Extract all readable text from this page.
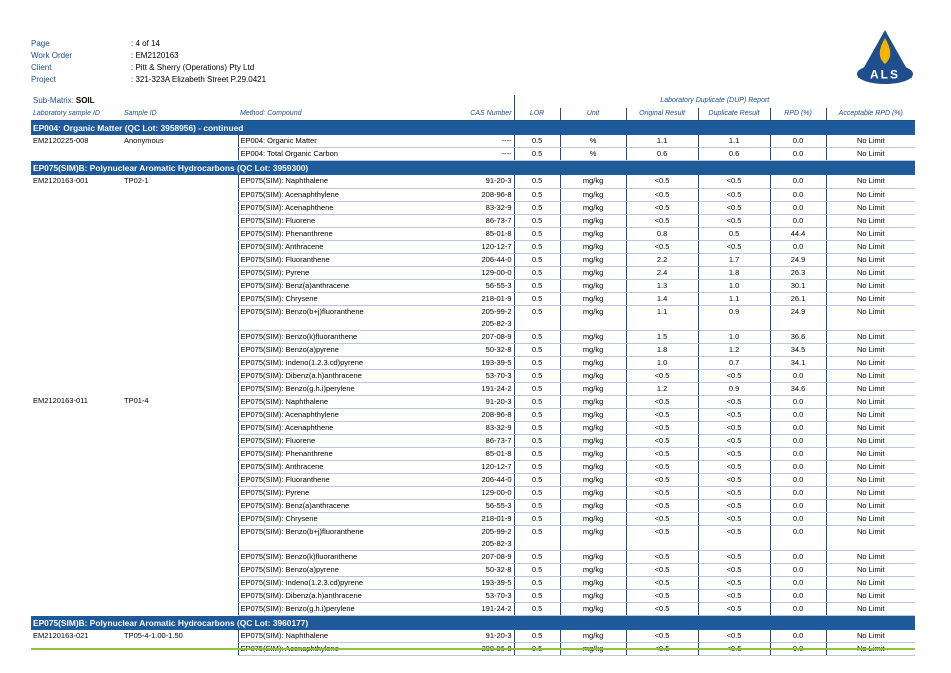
Page	: 4 of 14
Work Order	: EM2120163
Client	: Pitt & Sherry (Operations) Pty Ltd
Project	: 321-323A Elizabeth Street P.29.0421	ALS
Sub-Matrix: SOIL				Laboratory Duplicate (DUP) Report					
Laboratory sample ID	Sample ID	Method: Compound	CAS Number	LOR	Unit	Original Result	Duplicate Result	RPD (%)	Acceptable RPD (%)
EP004: Organic Matter (QC Lot: 3958956) - continued									
EM2120225-008	Anonymous	EP004: Organic Matter	----	0.5	%	1.1	1.1	0.0	No Limit
		EP004: Total Organic Carbon	----	0.5	%	0.6	0.6	0.0	No Limit
EP075(SIM)B: Polynuclear Aromatic Hydrocarbons (QC Lot: 3959300)									
EM2120163-001	TP02-1	EP075(SIM): Naphthalene	91-20-3	0.5	mg/kg	<0.5	<0.5	0.0	No Limit
		EP075(SIM): Acenaphthylene	208-96-8	0.5	mg/kg	<0.5	<0.5	0.0	No Limit
		EP075(SIM): Acenaphthene	83-32-9	0.5	mg/kg	<0.5	<0.5	0.0	No Limit
		EP075(SIM): Fluorene	86-73-7	0.5	mg/kg	<0.5	<0.5	0.0	No Limit
		EP075(SIM): Phenanthrene	85-01-8	0.5	mg/kg	0.8	0.5	44.4	No Limit
		EP075(SIM): Anthracene	120-12-7	0.5	mg/kg	<0.5	<0.5	0.0	No Limit
		EP075(SIM): Fluoranthene	206-44-0	0.5	mg/kg	2.2	1.7	24.9	No Limit
		EP075(SIM): Pyrene	129-00-0	0.5	mg/kg	2.4	1.8	26.3	No Limit
		EP075(SIM): Benz(a)anthracene	56-55-3	0.5	mg/kg	1.3	1.0	30.1	No Limit
		EP075(SIM): Chrysene	218-01-9	0.5	mg/kg	1.4	1.1	26.1	No Limit
		EP075(SIM): Benzo(b+j)fluoranthene	205-99-2
205-82-3	0.5	mg/kg	1.1	0.9	24.9	No Limit
		EP075(SIM): Benzo(k)fluoranthene	207-08-9	0.5	mg/kg	1.5	1.0	36.6	No Limit
		EP075(SIM): Benzo(a)pyrene	50-32-8	0.5	mg/kg	1.8	1.2	34.5	No Limit
		EP075(SIM): Indeno(1.2.3.cd)pyrene	193-39-5	0.5	mg/kg	1.0	0.7	34.1	No Limit
		EP075(SIM): Dibenz(a.h)anthracene	53-70-3	0.5	mg/kg	<0.5	<0.5	0.0	No Limit
		EP075(SIM): Benzo(g.h.i)perylene	191-24-2	0.5	mg/kg	1.2	0.9	34.6	No Limit
EM2120163-011	TP01-4	EP075(SIM): Naphthalene	91-20-3	0.5	mg/kg	<0.5	<0.5	0.0	No Limit
		EP075(SIM): Acenaphthylene	208-96-8	0.5	mg/kg	<0.5	<0.5	0.0	No Limit
		EP075(SIM): Acenaphthene	83-32-9	0.5	mg/kg	<0.5	<0.5	0.0	No Limit
		EP075(SIM): Fluorene	86-73-7	0.5	mg/kg	<0.5	<0.5	0.0	No Limit
		EP075(SIM): Phenanthrene	85-01-8	0.5	mg/kg	<0.5	<0.5	0.0	No Limit
		EP075(SIM): Anthracene	120-12-7	0.5	mg/kg	<0.5	<0.5	0.0	No Limit
		EP075(SIM): Fluoranthene	206-44-0	0.5	mg/kg	<0.5	<0.5	0.0	No Limit
		EP075(SIM): Pyrene	129-00-0	0.5	mg/kg	<0.5	<0.5	0.0	No Limit
		EP075(SIM): Benz(a)anthracene	56-55-3	0.5	mg/kg	<0.5	<0.5	0.0	No Limit
		EP075(SIM): Chrysene	218-01-9	0.5	mg/kg	<0.5	<0.5	0.0	No Limit
		EP075(SIM): Benzo(b+j)fluoranthene	205-99-2
205-82-3	0.5	mg/kg	<0.5	<0.5	0.0	No Limit
		EP075(SIM): Benzo(k)fluoranthene	207-08-9	0.5	mg/kg	<0.5	<0.5	0.0	No Limit
		EP075(SIM): Benzo(a)pyrene	50-32-8	0.5	mg/kg	<0.5	<0.5	0.0	No Limit
		EP075(SIM): Indeno(1.2.3.cd)pyrene	193-39-5	0.5	mg/kg	<0.5	<0.5	0.0	No Limit
		EP075(SIM): Dibenz(a.h)anthracene	53-70-3	0.5	mg/kg	<0.5	<0.5	0.0	No Limit
		EP075(SIM): Benzo(g.h.i)perylene	191-24-2	0.5	mg/kg	<0.5	<0.5	0.0	No Limit
EP075(SIM)B: Polynuclear Aromatic Hydrocarbons (QC Lot: 3960177)									
EM2120163-021	TP05-4-1.00-1.50	EP075(SIM): Naphthalene	91-20-3	0.5	mg/kg	<0.5	<0.5	0.0	No Limit
